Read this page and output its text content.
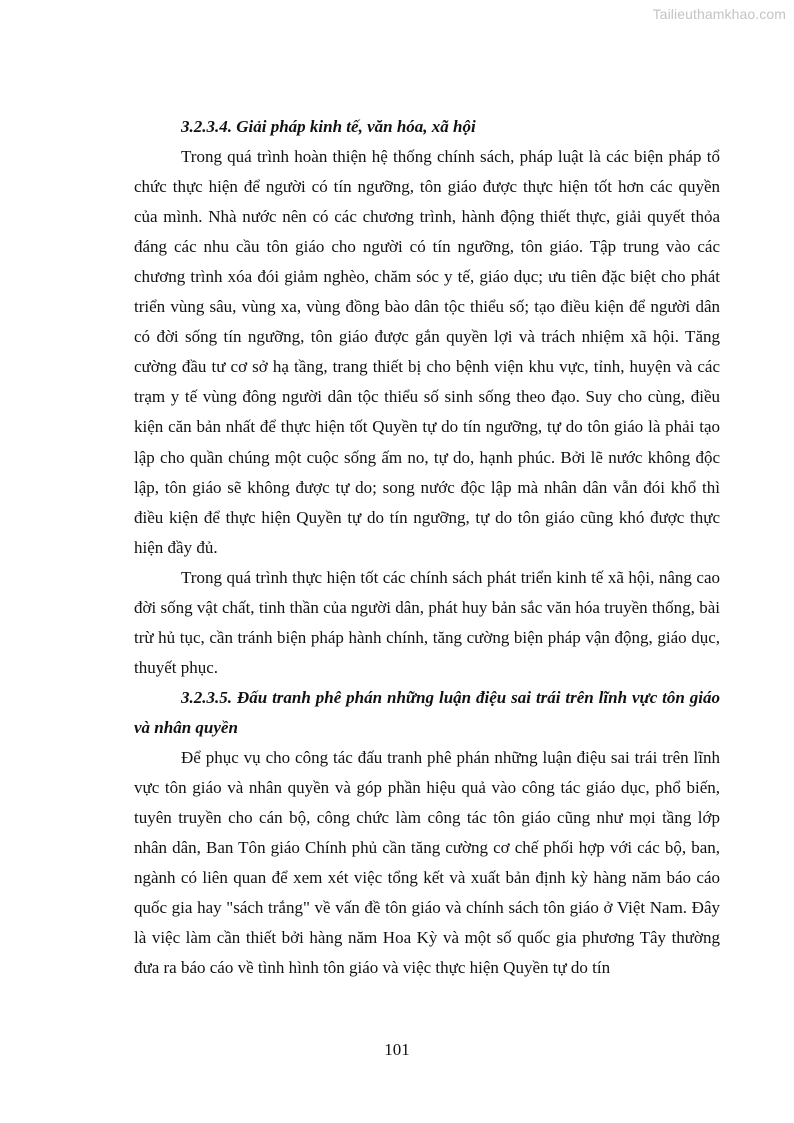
Tailieuthamkhao.com

3.2.3.4. Giải pháp kinh tế, văn hóa, xã hội

Trong quá trình hoàn thiện hệ thống chính sách, pháp luật là các biện pháp tổ chức thực hiện để người có tín ngưỡng, tôn giáo được thực hiện tốt hơn các quyền của mình. Nhà nước nên có các chương trình, hành động thiết thực, giải quyết thỏa đáng các nhu cầu tôn giáo cho người có tín ngưỡng, tôn giáo. Tập trung vào các chương trình xóa đói giảm nghèo, chăm sóc y tế, giáo dục; ưu tiên đặc biệt cho phát triển vùng sâu, vùng xa, vùng đồng bào dân tộc thiểu số; tạo điều kiện để người dân có đời sống tín ngưỡng, tôn giáo được gắn quyền lợi và trách nhiệm xã hội. Tăng cường đầu tư cơ sở hạ tầng, trang thiết bị cho bệnh viện khu vực, tỉnh, huyện và các trạm y tế vùng đông người dân tộc thiểu số sinh sống theo đạo. Suy cho cùng, điều kiện căn bản nhất để thực hiện tốt Quyền tự do tín ngưỡng, tự do tôn giáo là phải tạo lập cho quần chúng một cuộc sống ấm no, tự do, hạnh phúc. Bởi lẽ nước không độc lập, tôn giáo sẽ không được tự do; song nước độc lập mà nhân dân vẫn đói khổ thì điều kiện để thực hiện Quyền tự do tín ngưỡng, tự do tôn giáo cũng khó được thực hiện đầy đủ.

Trong quá trình thực hiện tốt các chính sách phát triển kinh tế xã hội, nâng cao đời sống vật chất, tinh thần của người dân, phát huy bản sắc văn hóa truyền thống, bài trừ hủ tục, cần tránh biện pháp hành chính, tăng cường biện pháp vận động, giáo dục, thuyết phục.

3.2.3.5. Đấu tranh phê phán những luận điệu sai trái trên lĩnh vực tôn giáo và nhân quyền

Để phục vụ cho công tác đấu tranh phê phán những luận điệu sai trái trên lĩnh vực tôn giáo và nhân quyền và góp phần hiệu quả vào công tác giáo dục, phổ biến, tuyên truyền cho cán bộ, công chức làm công tác tôn giáo cũng như mọi tầng lớp nhân dân, Ban Tôn giáo Chính phủ cần tăng cường cơ chế phối hợp với các bộ, ban, ngành có liên quan để xem xét việc tổng kết và xuất bản định kỳ hàng năm báo cáo quốc gia hay "sách trắng" về vấn đề tôn giáo và chính sách tôn giáo ở Việt Nam. Đây là việc làm cần thiết bởi hàng năm Hoa Kỳ và một số quốc gia phương Tây thường đưa ra báo cáo về tình hình tôn giáo và việc thực hiện Quyền tự do tín

101
